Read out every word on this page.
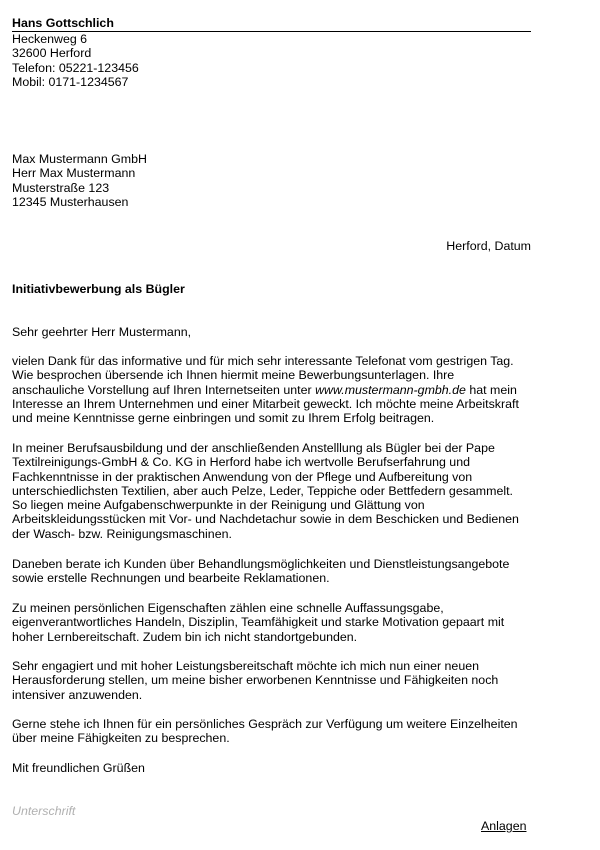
Hans Gottschlich
Heckenweg 6
32600 Herford
Telefon: 05221-123456
Mobil: 0171-1234567
Max Mustermann GmbH
Herr Max Mustermann
Musterstraße 123
12345 Musterhausen
Herford, Datum
Initiativbewerbung als Bügler
Sehr geehrter Herr Mustermann,
vielen Dank für das informative und für mich sehr interessante Telefonat vom gestrigen Tag.
Wie besprochen übersende ich Ihnen hiermit meine Bewerbungsunterlagen. Ihre
anschauliche Vorstellung auf Ihren Internetseiten unter www.mustermann-gmbh.de hat mein
Interesse an Ihrem Unternehmen und einer Mitarbeit geweckt. Ich möchte meine Arbeitskraft
und meine Kenntnisse gerne einbringen und somit zu Ihrem Erfolg beitragen.
In meiner Berufsausbildung und der anschließenden Anstelllung als Bügler bei der Pape
Textilreinigungs-GmbH & Co. KG in Herford habe ich wertvolle Berufserfahrung und
Fachkenntnisse in der praktischen Anwendung von der Pflege und Aufbereitung von
unterschiedlichsten Textilien, aber auch Pelze, Leder, Teppiche oder Bettfedern gesammelt.
So liegen meine Aufgabenschwerpunkte in der Reinigung und Glättung von
Arbeitskleidungsstücken mit Vor- und Nachdetachur sowie in dem Beschicken und Bedienen
der Wasch- bzw. Reinigungsmaschinen.
Daneben berate ich Kunden über Behandlungsmöglichkeiten und Dienstleistungsangebote
sowie erstelle Rechnungen und bearbeite Reklamationen.
Zu meinen persönlichen Eigenschaften zählen eine schnelle Auffassungsgabe,
eigenverantwortliches Handeln, Disziplin, Teamfähigkeit und starke Motivation gepaart mit
hoher Lernbereitschaft. Zudem bin ich nicht standortgebunden.
Sehr engagiert und mit hoher Leistungsbereitschaft möchte ich mich nun einer neuen
Herausforderung stellen, um meine bisher erworbenen Kenntnisse und Fähigkeiten noch
intensiver anzuwenden.
Gerne stehe ich Ihnen für ein persönliches Gespräch zur Verfügung um weitere Einzelheiten
über meine Fähigkeiten zu besprechen.
Mit freundlichen Grüßen
Unterschrift
Anlagen
